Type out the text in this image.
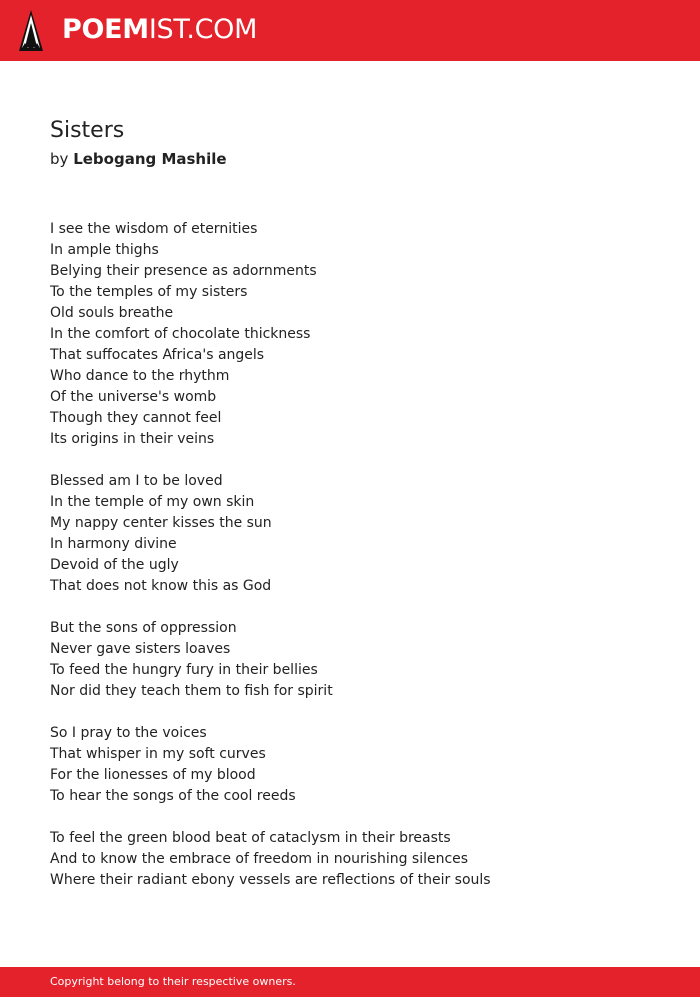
POEMIST.COM
Sisters
by Lebogang Mashile
I see the wisdom of eternities
In ample thighs
Belying their presence as adornments
To the temples of my sisters
Old souls breathe
In the comfort of chocolate thickness
That suffocates Africa's angels
Who dance to the rhythm
Of the universe's womb
Though they cannot feel
Its origins in their veins
Blessed am I to be loved
In the temple of my own skin
My nappy center kisses the sun
In harmony divine
Devoid of the ugly
That does not know this as God
But the sons of oppression
Never gave sisters loaves
To feed the hungry fury in their bellies
Nor did they teach them to fish for spirit
So I pray to the voices
That whisper in my soft curves
For the lionesses of my blood
To hear the songs of the cool reeds
To feel the green blood beat of cataclysm in their breasts
And to know the embrace of freedom in nourishing silences
Where their radiant ebony vessels are reflections of their souls
Copyright belong to their respective owners.
